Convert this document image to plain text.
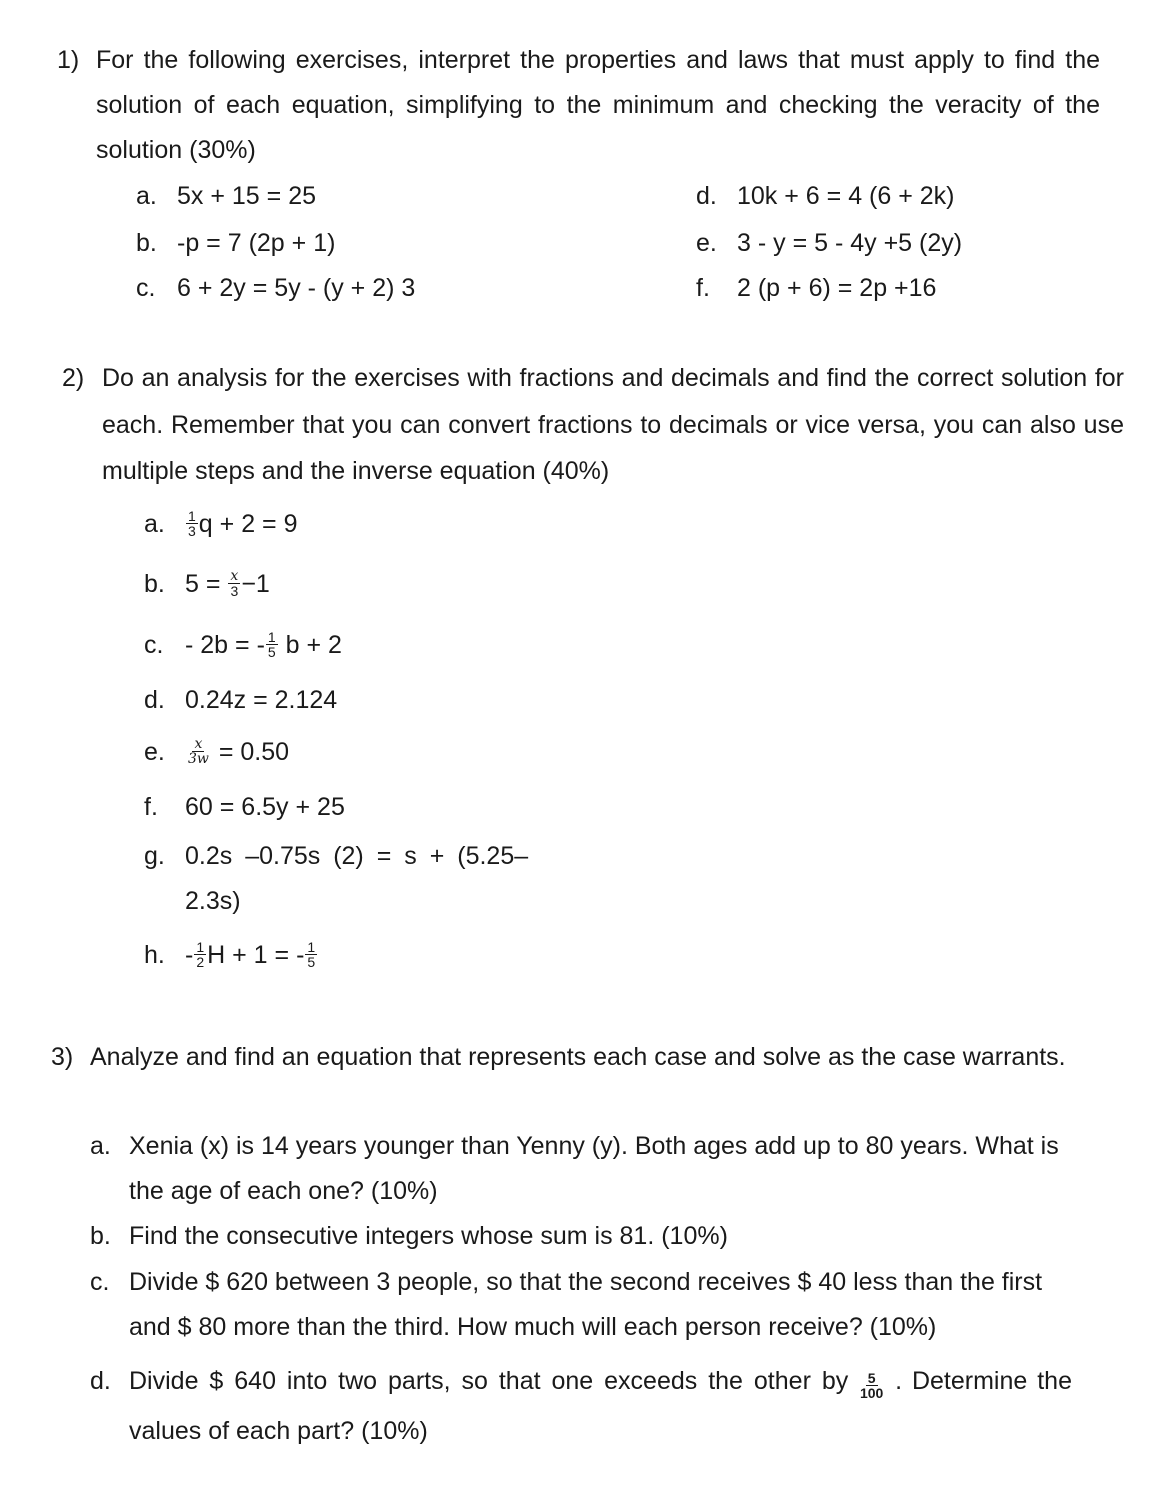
1) For the following exercises, interpret the properties and laws that must apply to find the solution of each equation, simplifying to the minimum and checking the veracity of the solution (30%)
a. 5x + 15 = 25
b. -p = 7 (2p + 1)
c. 6 + 2y = 5y - (y + 2) 3
d. 10k + 6 = 4 (6 + 2k)
e. 3 - y = 5 - 4y +5 (2y)
f.	2 (p + 6) = 2p +16
2) Do an analysis for the exercises with fractions and decimals and find the correct solution for each. Remember that you can convert fractions to decimals or vice versa, you can also use multiple steps and the inverse equation (40%)
a.	$\frac{1}{3}$ q + 2 = 9
b. $5 = \frac{x}{3} -1$
c. - 2b = - $\frac{1}{5}$ b + 2
d. 0.24z = 2.124
e.	$\frac{x}{3w} = 0.50$
f.	60 = 6.5y + 25
g. 0.2s –0.75s (2) = s + (5.25– 2.3s)
h. - $\frac{1}{2}$ H + 1 = - $\frac{1}{5}$
3) Analyze and find an equation that represents each case and solve as the case warrants.
a. Xenia (x) is 14 years younger than Yenny (y). Both ages add up to 80 years. What is the age of each one? (10%)
b. Find the consecutive integers whose sum is 81. (10%)
c. Divide $ 620 between 3 people, so that the second receives $ 40 less than the first and $ 80 more than the third. How much will each person receive? (10%)
d. Divide $ 640 into two parts, so that one exceeds the other by $\frac{5}{100}$ . Determine the
values of each part? (10%)
